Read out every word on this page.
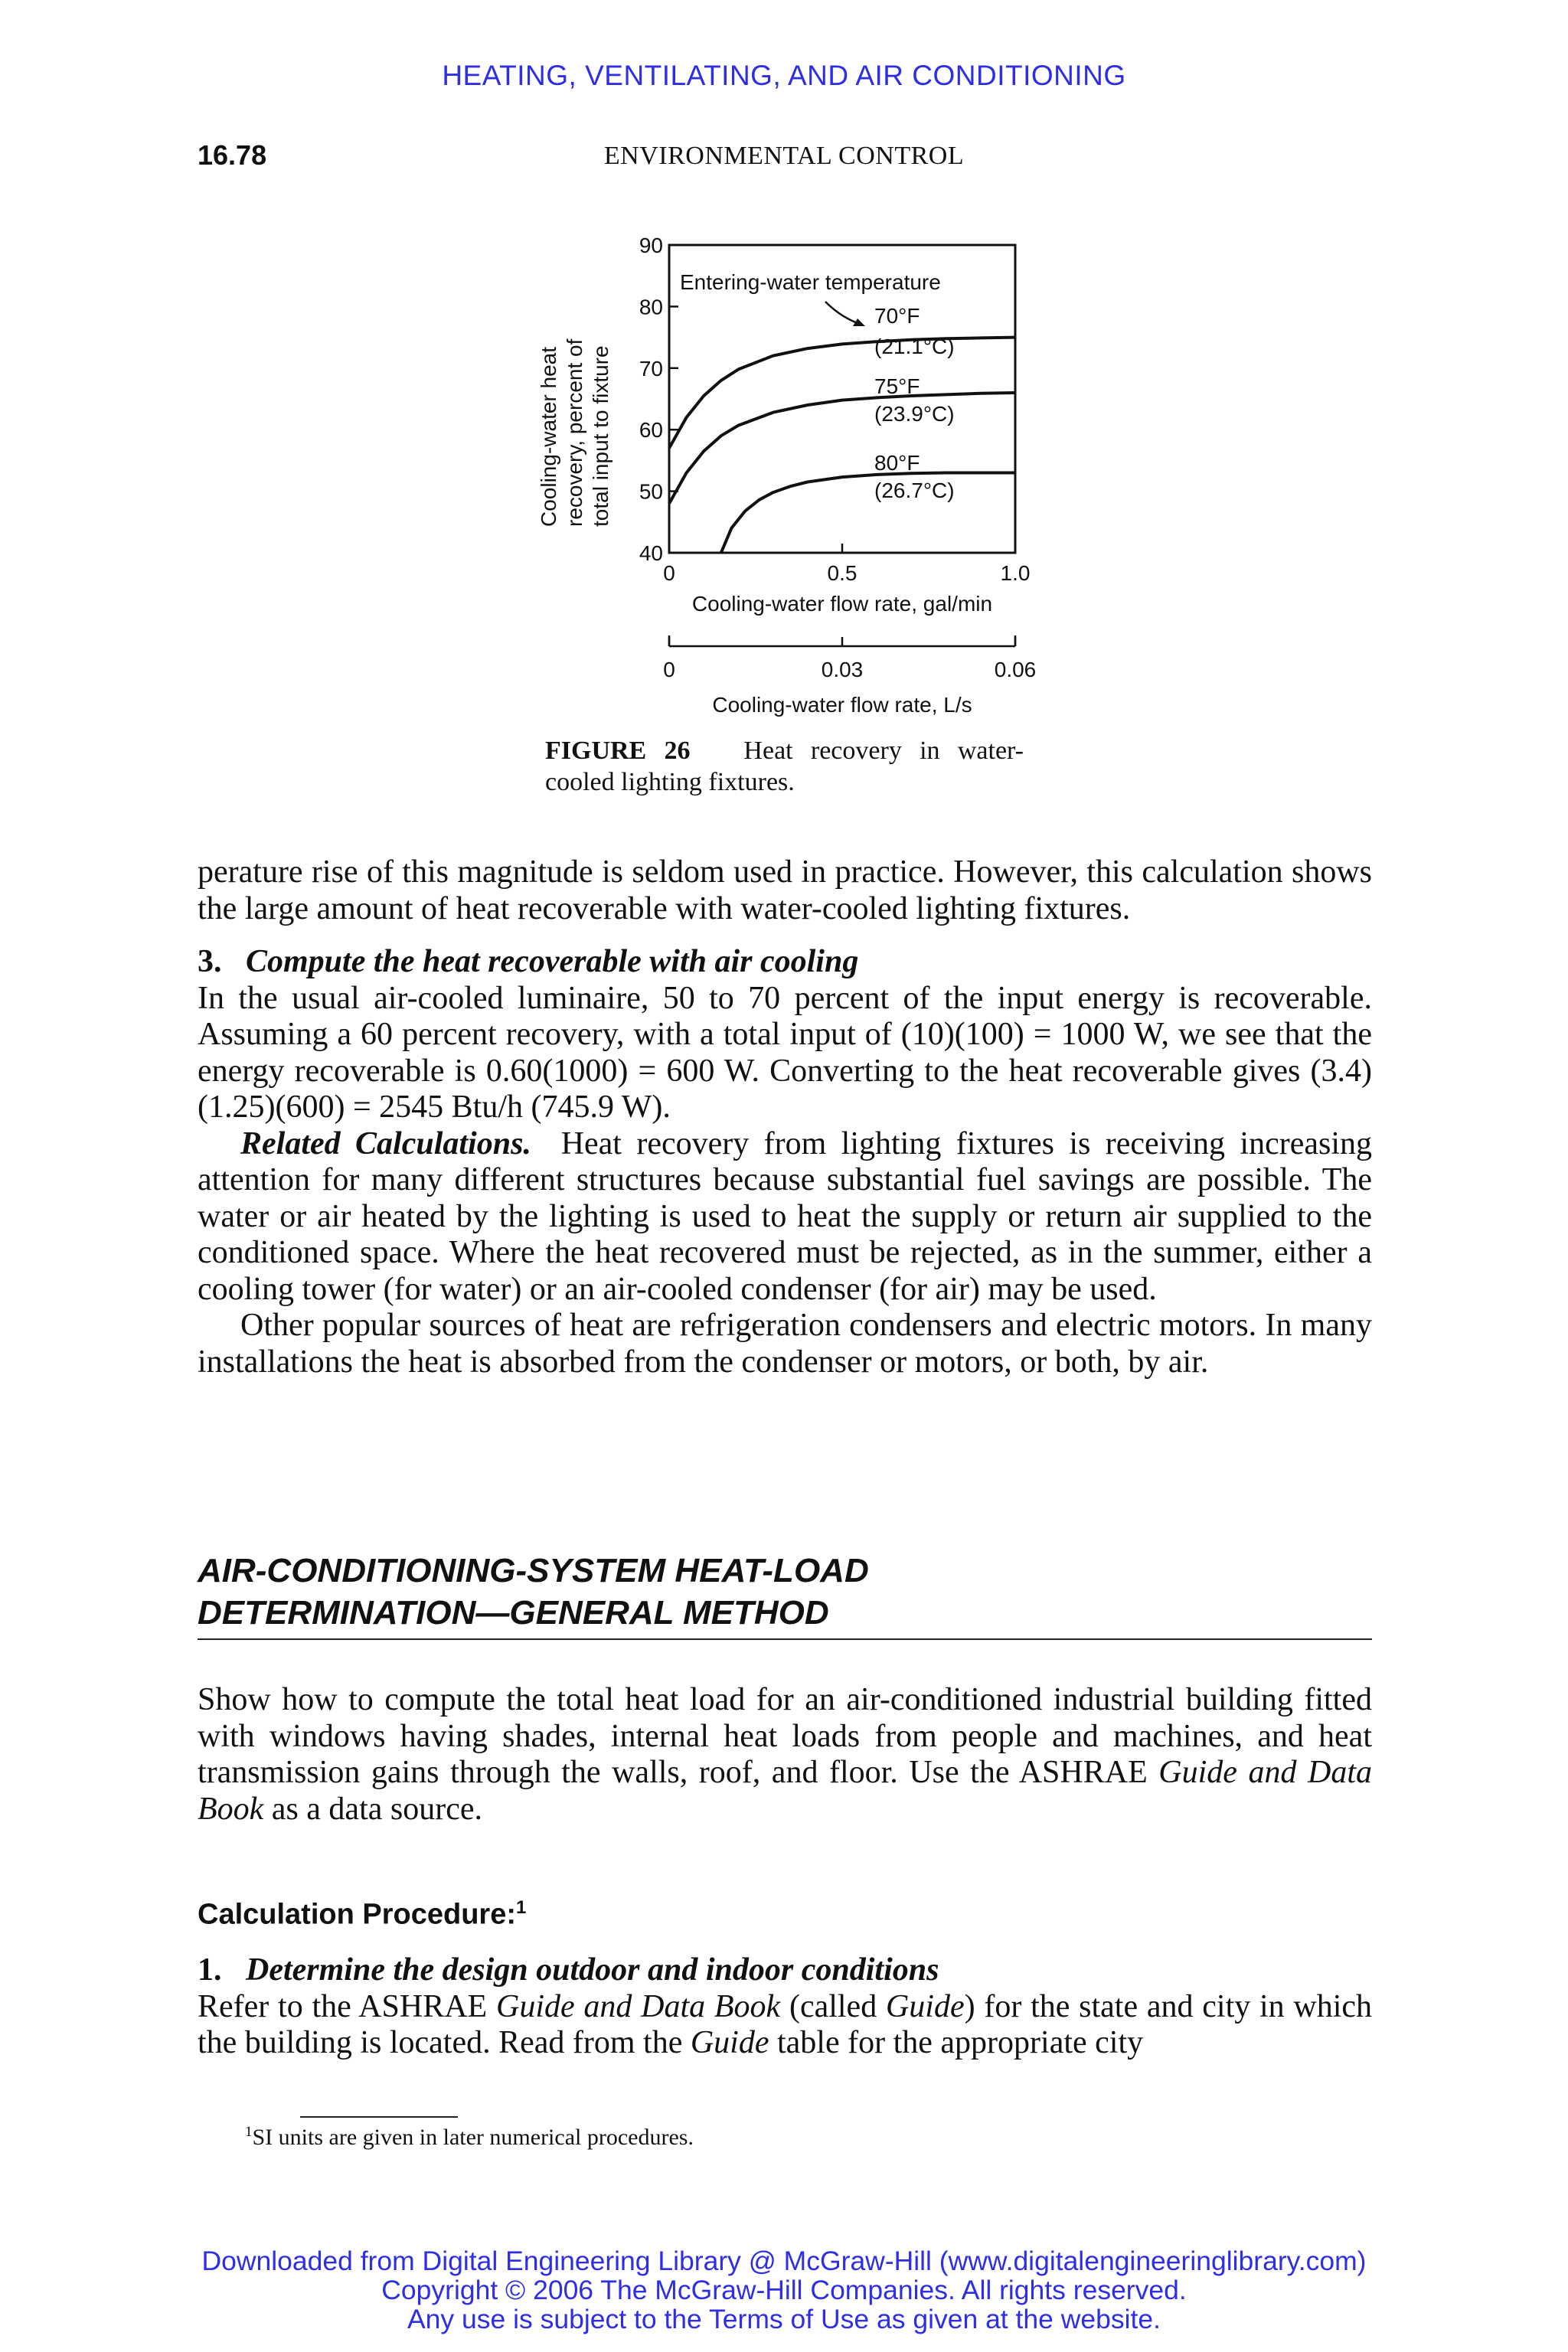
HEATING, VENTILATING, AND AIR CONDITIONING
16.78	ENVIRONMENTAL CONTROL
Cooling-water heat recovery, percent of total input to fixture
40
50
60
70
80
90
0	0.5	1.0
Entering-water temperature
70°F
(21.1°C)
75°F
(23.9°C)
80°F
(26.7°C)
Cooling-water flow rate, gal/min
0	0.03	0.06
Cooling-water flow rate, L/s
FIGURE 26 Heat recovery in water-
cooled lighting fixtures.

perature rise of this magnitude is seldom used in practice. However, this calculation shows the large amount of heat recoverable with water-cooled lighting fixtures.

3. Compute the heat recoverable with air cooling

In the usual air-cooled luminaire, 50 to 70 percent of the input energy is recoverable. Assuming a 60 percent recovery, with a total input of (10)(100) = 1000 W, we see that the energy recoverable is 0.60(1000) = 600 W. Converting to the heat recoverable gives (3.4)(1.25)(600) = 2545 Btu/h (745.9 W).

Related Calculations. Heat recovery from lighting fixtures is receiving increasing attention for many different structures because substantial fuel savings are possible. The water or air heated by the lighting is used to heat the supply or return air supplied to the conditioned space. Where the heat recovered must be rejected, as in the summer, either a cooling tower (for water) or an air-cooled condenser (for air) may be used.

Other popular sources of heat are refrigeration condensers and electric motors. In many installations the heat is absorbed from the condenser or motors, or both, by air.

AIR-CONDITIONING-SYSTEM HEAT-LOAD
DETERMINATION—GENERAL METHOD

Show how to compute the total heat load for an air-conditioned industrial building fitted with windows having shades, internal heat loads from people and machines, and heat transmission gains through the walls, roof, and floor. Use the ASHRAE Guide and Data Book as a data source.

Calculation Procedure:$^1$

1. Determine the design outdoor and indoor conditions

Refer to the ASHRAE Guide and Data Book (called Guide) for the state and city in which the building is located. Read from the Guide table for the appropriate city

$^1$SI units are given in later numerical procedures.
Downloaded from Digital Engineering Library @ McGraw-Hill (www.digitalengineeringlibrary.com)
Copyright © 2006 The McGraw-Hill Companies. All rights reserved.
Any use is subject to the Terms of Use as given at the website.
